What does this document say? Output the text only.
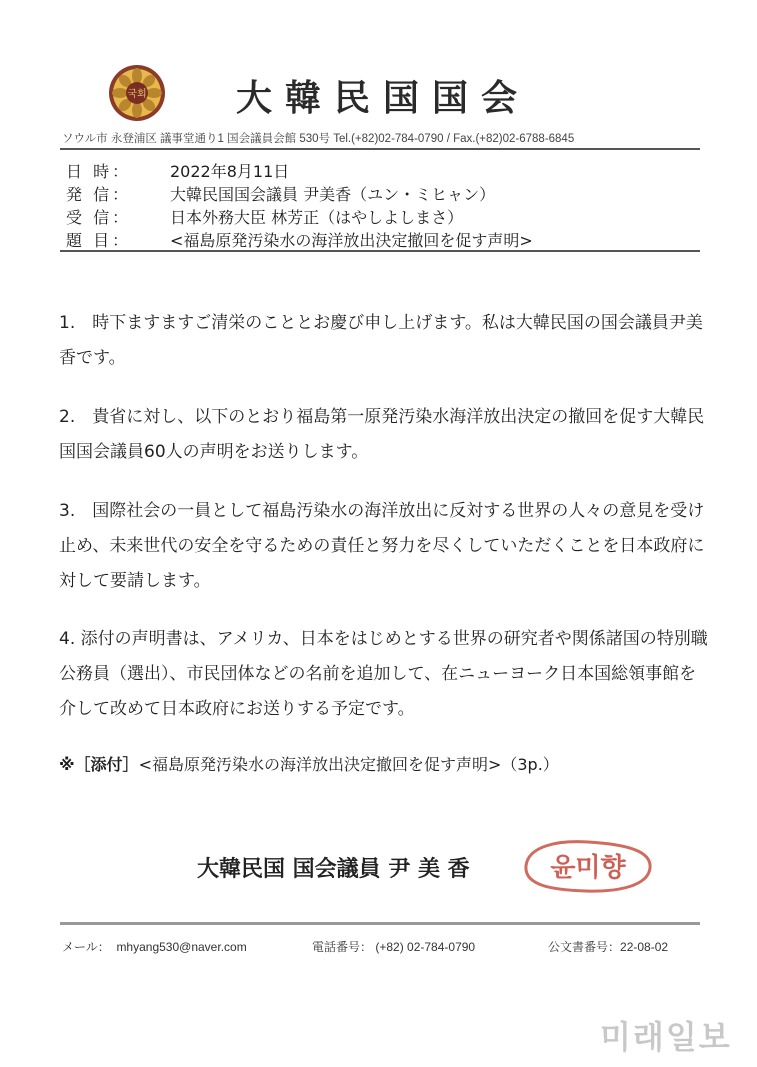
국회 大韓民国国会
ソウル市 永登浦区 議事堂通り1 国会議員会館 530号 Tel.(+82)02-784-0790 / Fax.(+82)02-6788-6845
日 時： 2022年8月11日
発 信： 大韓民国国会議員 尹美香（ユン・ミヒャン）
受 信： 日本外務大臣 林芳正（はやしよしまさ）
題 目： <福島原発汚染水の海洋放出決定撤回を促す声明>
1.　時下ますますご清栄のこととお慶び申し上げます。私は大韓民国の国会議員尹美香です。
2.　貴省に対し、以下のとおり福島第一原発汚染水海洋放出決定の撤回を促す大韓民国国会議員60人の声明をお送りします。
3.　国際社会の一員として福島汚染水の海洋放出に反対する世界の人々の意見を受け止め、未来世代の安全を守るための責任と努力を尽くしていただくことを日本政府に対して要請します。
4. 添付の声明書は、アメリカ、日本をはじめとする世界の研究者や関係諸国の特別職公務員（選出）、市民団体などの名前を追加して、在ニューヨーク日本国総領事館を介して改めて日本政府にお送りする予定です。
※［添付］<福島原発汚染水の海洋放出決定撤回を促す声明>（3p.）
大韓民国 国会議員 尹 美 香	윤미향
メール： mhyang530@naver.com	電話番号： (+82) 02-784-0790	公文書番号：22-08-02
미래일보
